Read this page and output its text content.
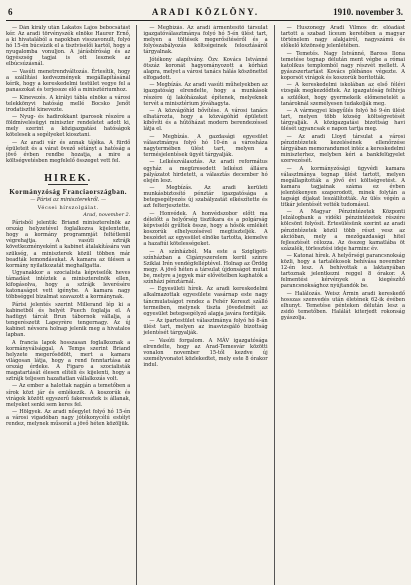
6	ARADI KÖZLÖNY.	1910. november 3.

— Dán király után Lakatos Lajos bebocsátást kér. Az aradi törvényszék elnöke Haurer Ernő, a ki hivatalából a napokban visszavonult, folyó hó 15-én búcsúzik el a tisztviselői kartól, hogy a nyugalomba vonuljon. A járásbíróság és az ügyészség tagjai is ott lesznek az elbúcsúzásnál.

— Vasúti menetrendváltozás. Értesítik, hogy a szállítási kedvezmények megállapításánál kérik, hogy a kereskedelmi testület vegye fel a panaszokat és terjessze elő a minisztériumhoz.

— Kinevezés. A királyi tábla elnöke a városi telekkönyvi hatóság mellé Bocsko Jenőt irodatisztté kinevezte.

— Nyug- és hadirokkant iparosok részére a földmívelésügyi miniszter rendeletet adott ki, mely szerint a közigazgatási hatóságok kötelesek a segélyeket kiosztani.

— Az aradi vár és annak tájéka. A fürdő épületeit és a várat övező sétányt a hatóság a jövő évben rendbe hozatja, a mire a költségvetésben megfelelő összeget vett fel.

HIREK.
Kormányzóság Franciaországban.
— Párisi az miniszterekről. —
Vécsei hírszolgálat.
Arad, november 2.

Párisból jelentik: Briand miniszterelnök az ország helyzetével foglalkozva kijelentette, hogy a kormány programmját feltétlenül végrehajtja. A vasúti sztrájk következményeként a kabinet átalakítására van szükség, a miniszterek közül többen már beadták lemondásukat. A kamara az ülésen a kormány nyilatkozatát meghallgatta.

Ugyanakkor a szocialista képviselők heves támadást intéztek a miniszterelnök ellen, kifogásolva, hogy a sztrájk leverésére katonaságot vett igénybe. A kamara nagy többséggel bizalmat szavazott a kormánynak.

Párisi jelentés szerint Millerand lép ki a kabinetből és helyét Puech foglalja el. A hadügyi tárcát Brun tábornok vállalja, a tengerészetit Lapeyrère tengernagy. Az új kabinet névsora holnap jelenik meg a hivatalos lapban.

A francia lapok hosszasan foglalkoznak a kormányválsággal. A Temps szerint Briand helyzete megerősödött, mert a kamara világosan látja, hogy a rend fenntartása az ország érdeke. A Figaro a szocialisták magatartását élesen elítéli és kijelenti, hogy a sztrájk teljesen hazafiatlan vállalkozás volt.

— Az ember a halottak napján a temetőben a sírok közt jár és emlékezik. A koszorúk és virágok között egyszerű fakeresztek is állanak, melyeket senki sem keres fel.

— Hölgyek. Az aradi nőegylet folyó hó 15-én a városi vigadóban nagy jótékonycélú estélyt rendez, melynek műsorát a jövő héten közöljük.

— Megbízás. Az aradi ármentesítő társulat igazgatóválasztmánya folyó hó 5-én ülést tart, melyen a töltések megerősítéséről és a folyószabályozás költségeinek felosztásáról tárgyalnak.

Jótékony alapítvány. Özv. Kovács Istvánné ötszáz koronát hagyományozott a kórházi alapra, melyet a városi tanács hálás köszönettel elfogadott.

— Megbízás. Az aradi vasúti műhelyekben az igazgatóság elrendelte, hogy a munkások részére új lakóházakat építenek, melyeknek tervét a minisztérium jóváhagyta.

— A közvágóhíd bővítése. A városi tanács elhatározta, hogy a közvágóhíd épületeit kibővíti és a hűtőházat modern berendezéssel látja el.

— Megbízás. A gazdasági egyesület választmánya folyó hó 10-én a városháza nagytermében ülést tart, melyen a termésjelentések ügyét tárgyalják.

— Lelkészválasztás. Az aradi református egyház a megüresedett lelkészi állásra pályázatot hirdetett, a választás december hó elején lesz.

— Megbízás. Az aradi kerületi munkásbiztosító pénztár igazgatósága a betegsegélyezés új szabályzatát elkészítette és azt felterjesztette.

— Honvédek. A honvédszobor előtt ma délelőtt a helyőrség tisztikara és a polgárság képviselői gyűltek össze, hogy a hősök emlékét koszorúk elhelyezésével megtiszteljék. A beszédet az egyesület elnöke tartotta, kiemelve a hazafiúi kötelességeket.

— A színházból. Ma este a Szigligeti-színházban a Cigányszerelem kerül színre Sziklai Irén vendégfelléptével. Holnap az Ördög megy. A jövő héten a társulat újdonságot mutat be, melyre a jegyek már elővételben kaphatók a színházi pénztárnál.

— Egyesületi hírek. Az aradi kereskedelmi alkalmazottak egyesülete vasárnap este nagy táncmulatságot rendez a Fehér Kereszt szálló termeiben, melynek tiszta jövedelmét az egyesület betegsegélyző alapja javára fordítják.

— Az ipartestület választmánya folyó hó 8-án ülést tart, melyen az inasvizsgáló bizottság jelentését tárgyalják.

— Vasúti forgalom. A MÁV igazgatósága elrendelte, hogy az Arad-Temesvár közötti vonalon november 15-től kezdve új személyvonatot közlekedtet, mely este 8 órakor indul.

— Huszonegy Aradi Vilmos dr. előadást tartott a szabad líceum keretében a magyar történelem nagy alakjairól, nagyszámú és előkelő közönség jelenlétében.

— Temetés. Nagy Istvánné, Baross Ilona temetése tegnap délután ment végbe a római katolikus templomból nagy részvét mellett. A gyászszertartást Kovács plébános végezte. A koporsót virágok és koszorúk borították.

— A kereskedelmi iskolában az első félévi vizsgák megkezdődtek. Az igazgatóság felhívja a szülőket, hogy gyermekeik előmenetelét a tanároknál személyesen tudakolják meg.

— A vármegyei kisgyűlés folyó hó 9-én ülést tart, melyen több község költségvetését tárgyalják. A közigazgatási bizottság havi ülését ugyancsak e napon tartja meg.

— Az aradi Lloyd társulat a városi pénzintézetek kezelésének ellenőrzése tárgyában memorandumot intéz a kereskedelmi miniszterhez, melyben kéri a bankfelügyelet szervezését.

— A kormányzósági ügyvédi kamara választmánya tegnap ülést tartott, melyen megállapították a jövő évi költségvetést. A kamara tagjainak száma ez évben jelentékenyen szaporodott, minek folytán a tagsági díjakat leszállították. Az ülés végén a titkár jelentését vették tudomásul.

— A Magyar Pénzintézetek Központi Jelzálogbank a vidéki pénzintézetek részére kölcsönt folyósít. Értesülésünk szerint az aradi pénzintézetek közül több részt vesz az akcióban, mely a mezőgazdasági hitel fejlesztését célozza. Az összeg kamatlába öt százalék, törlesztési ideje harminc év.

— Katonai hírek. A helyőrségi parancsnokság közli, hogy a tartalékosok behívása november 12-én lesz. A behívottak a laktanyában tartoznak jelentkezni reggel 8 órakor. A felmentési kérvények a kiegészítő parancsnoksághoz nyújtandók be.

— Halálozás. Weisz Ármin aradi kereskedő hosszas szenvedés után életének 62-ik évében elhunyt. Temetése pénteken délután lesz a zsidó temetőben. Halálát kiterjedt rokonság gyászolja.
